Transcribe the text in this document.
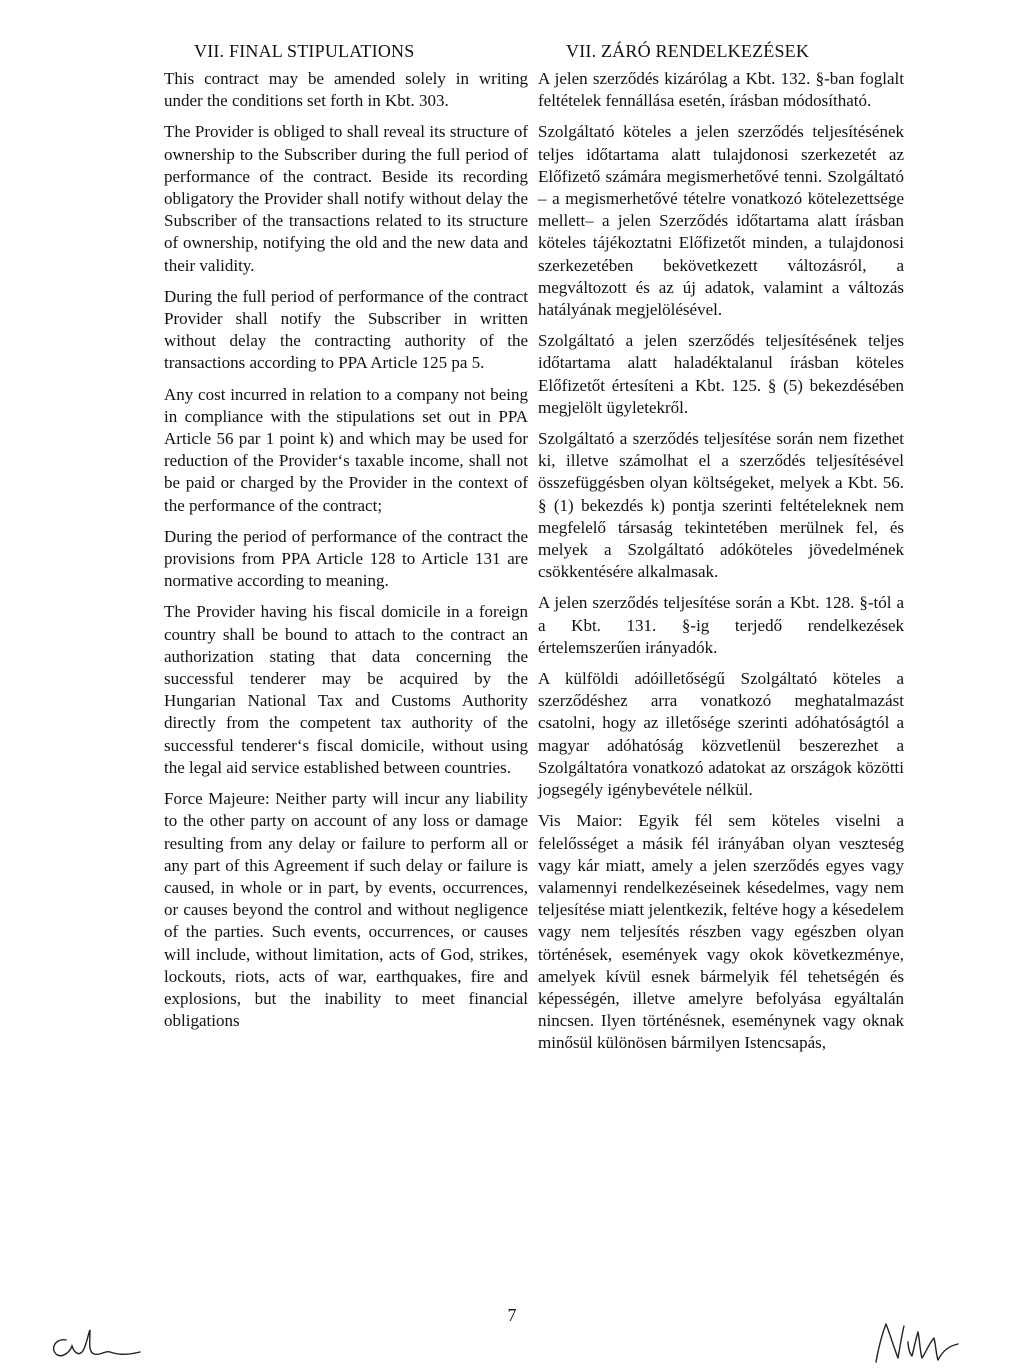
VII. FINAL STIPULATIONS

This contract may be amended solely in writing under the conditions set forth in Kbt. 303.

The Provider is obliged to shall reveal its structure of ownership to the Subscriber during the full period of performance of the contract. Beside its recording obligatory the Provider shall notify without delay the Subscriber of the transactions related to its structure of ownership, notifying the old and the new data and their validity.

During the full period of performance of the contract Provider shall notify the Subscriber in written without delay the contracting authority of the transactions according to PPA Article 125 pa 5.

Any cost incurred in relation to a company not being in compliance with the stipulations set out in PPA Article 56 par 1 point k) and which may be used for reduction of the Provider‘s taxable income, shall not be paid or charged by the Provider in the context of the performance of the contract;

During the period of performance of the contract the provisions from PPA Article 128 to Article 131 are normative according to meaning.

The Provider having his fiscal domicile in a foreign country shall be bound to attach to the contract an authorization stating that data concerning the successful tenderer may be acquired by the Hungarian National Tax and Customs Authority directly from the competent tax authority of the successful tenderer‘s fiscal domicile, without using the legal aid service established between countries.

Force Majeure: Neither party will incur any liability to the other party on account of any loss or damage resulting from any delay or failure to perform all or any part of this Agreement if such delay or failure is caused, in whole or in part, by events, occurrences, or causes beyond the control and without negligence of the parties. Such events, occurrences, or causes will include, without limitation, acts of God, strikes, lockouts, riots, acts of war, earthquakes, fire and explosions, but the inability to meet financial obligations

VII. ZÁRÓ RENDELKEZÉSEK

A jelen szerződés kizárólag a Kbt. 132. §-ban foglalt feltételek fennállása esetén, írásban módosítható.

Szolgáltató köteles a jelen szerződés teljesítésének teljes időtartama alatt tulajdonosi szerkezetét az Előfizető számára megismerhetővé tenni. Szolgáltató – a megismerhetővé tételre vonatkozó kötelezettsége mellett– a jelen Szerződés időtartama alatt írásban köteles tájékoztatni Előfizetőt minden, a tulajdonosi szerkezetében bekövetkezett változásról, a megváltozott és az új adatok, valamint a változás hatályának megjelölésével.

Szolgáltató a jelen szerződés teljesítésének teljes időtartama alatt haladéktalanul írásban köteles Előfizetőt értesíteni a Kbt. 125. § (5) bekezdésében megjelölt ügyletekről.

Szolgáltató a szerződés teljesítése során nem fizethet ki, illetve számolhat el a szerződés teljesítésével összefüggésben olyan költségeket, melyek a Kbt. 56. § (1) bekezdés k) pontja szerinti feltételeknek nem megfelelő társaság tekintetében merülnek fel, és melyek a Szolgáltató adóköteles jövedelmének csökkentésére alkalmasak.

A jelen szerződés teljesítése során a Kbt. 128. §-tól a a Kbt. 131. §-ig terjedő rendelkezések értelemszerűen irányadók.

A külföldi adóilletőségű Szolgáltató köteles a szerződéshez arra vonatkozó meghatalmazást csatolni, hogy az illetősége szerinti adóhatóságtól a magyar adóhatóság közvetlenül beszerezhet a Szolgáltatóra vonatkozó adatokat az országok közötti jogsegély igénybevétele nélkül.

Vis Maior: Egyik fél sem köteles viselni a felelősséget a másik fél irányában olyan veszteség vagy kár miatt, amely a jelen szerződés egyes vagy valamennyi rendelkezéseinek késedelmes, vagy nem teljesítése miatt jelentkezik, feltéve hogy a késedelem vagy nem teljesítés részben vagy egészben olyan történések, események vagy okok következménye, amelyek kívül esnek bármelyik fél tehetségén és képességén, illetve amelyre befolyása egyáltalán nincsen. Ilyen történésnek, eseménynek vagy oknak minősül különösen bármilyen Istencsapás,

7
